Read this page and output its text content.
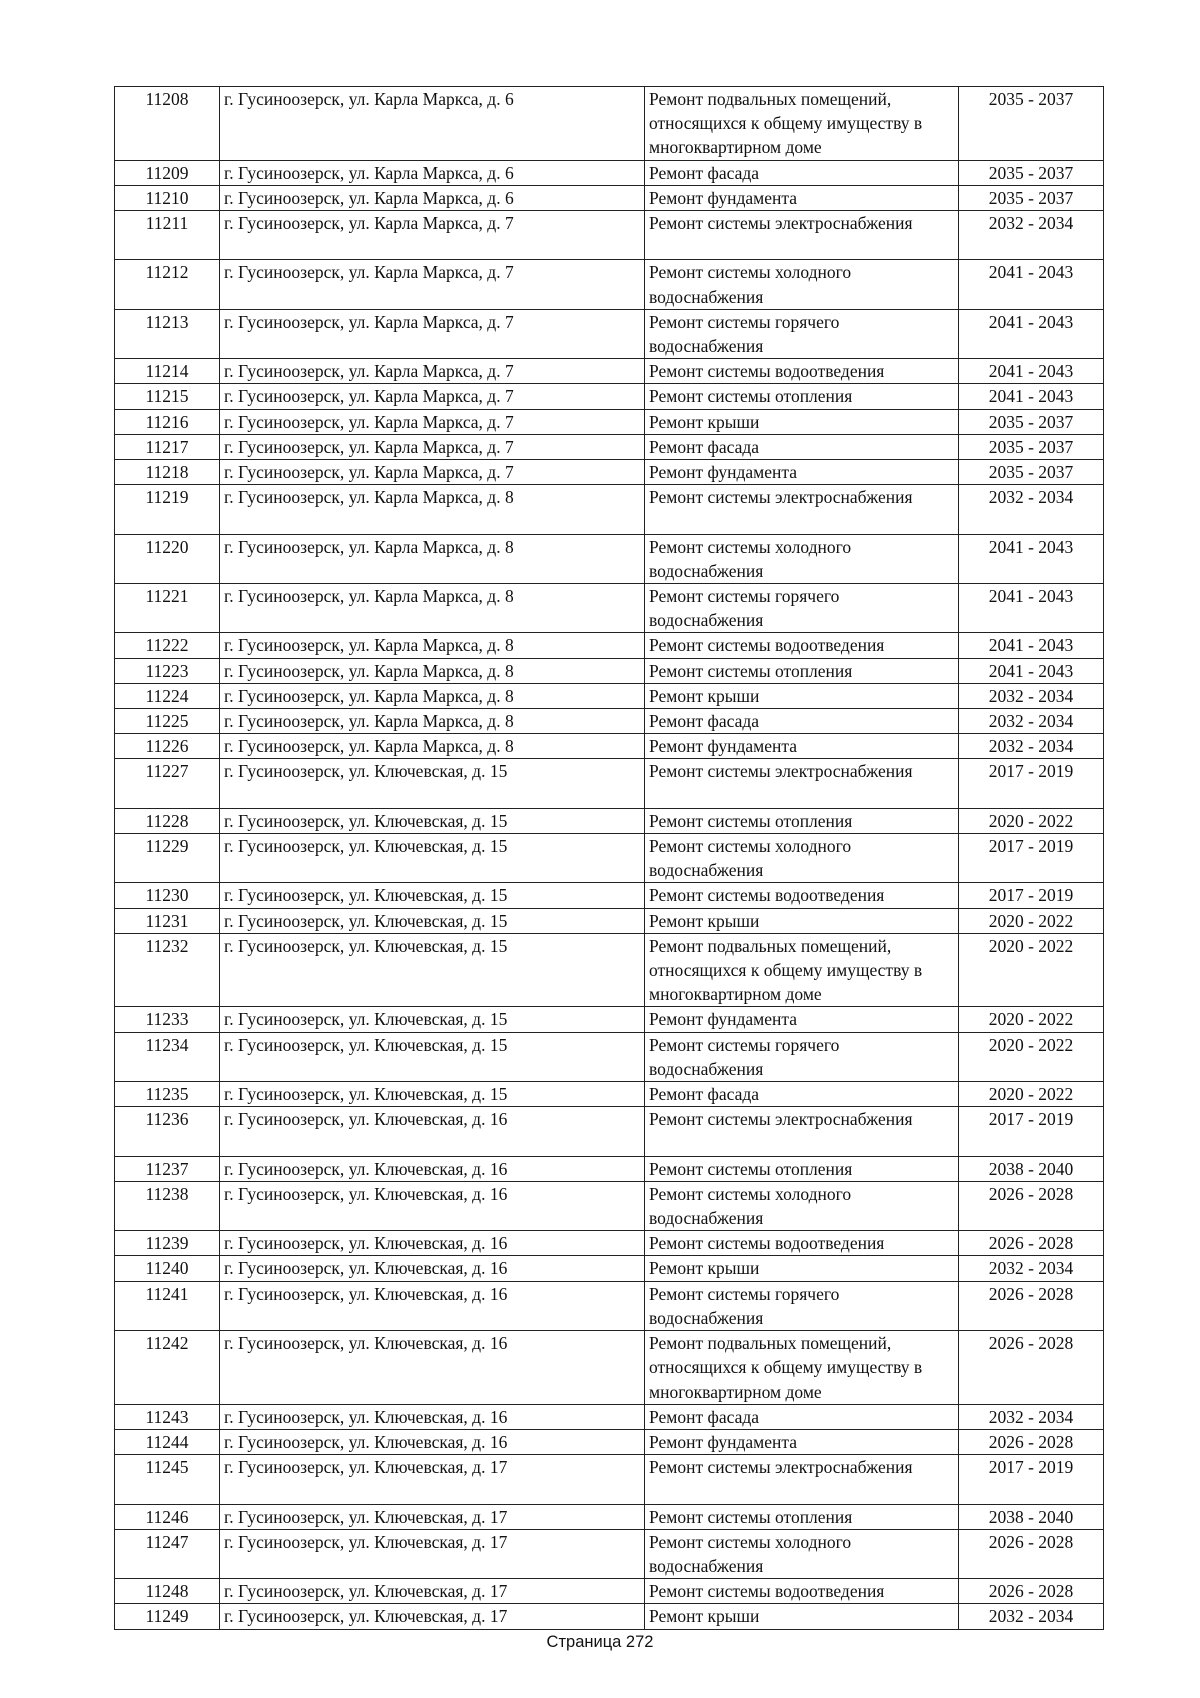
11208	г. Гусиноозерск, ул. Карла Маркса, д. 6	Ремонт подвальных помещений, относящихся к общему имуществу в многоквартирном доме	2035 - 2037
11209	г. Гусиноозерск, ул. Карла Маркса, д. 6	Ремонт фасада	2035 - 2037
11210	г. Гусиноозерск, ул. Карла Маркса, д. 6	Ремонт фундамента	2035 - 2037
11211	г. Гусиноозерск, ул. Карла Маркса, д. 7	Ремонт системы электроснабжения	2032 - 2034
11212	г. Гусиноозерск, ул. Карла Маркса, д. 7	Ремонт системы холодного водоснабжения	2041 - 2043
11213	г. Гусиноозерск, ул. Карла Маркса, д. 7	Ремонт системы горячего водоснабжения	2041 - 2043
11214	г. Гусиноозерск, ул. Карла Маркса, д. 7	Ремонт системы водоотведения	2041 - 2043
11215	г. Гусиноозерск, ул. Карла Маркса, д. 7	Ремонт системы отопления	2041 - 2043
11216	г. Гусиноозерск, ул. Карла Маркса, д. 7	Ремонт крыши	2035 - 2037
11217	г. Гусиноозерск, ул. Карла Маркса, д. 7	Ремонт фасада	2035 - 2037
11218	г. Гусиноозерск, ул. Карла Маркса, д. 7	Ремонт фундамента	2035 - 2037
11219	г. Гусиноозерск, ул. Карла Маркса, д. 8	Ремонт системы электроснабжения	2032 - 2034
11220	г. Гусиноозерск, ул. Карла Маркса, д. 8	Ремонт системы холодного водоснабжения	2041 - 2043
11221	г. Гусиноозерск, ул. Карла Маркса, д. 8	Ремонт системы горячего водоснабжения	2041 - 2043
11222	г. Гусиноозерск, ул. Карла Маркса, д. 8	Ремонт системы водоотведения	2041 - 2043
11223	г. Гусиноозерск, ул. Карла Маркса, д. 8	Ремонт системы отопления	2041 - 2043
11224	г. Гусиноозерск, ул. Карла Маркса, д. 8	Ремонт крыши	2032 - 2034
11225	г. Гусиноозерск, ул. Карла Маркса, д. 8	Ремонт фасада	2032 - 2034
11226	г. Гусиноозерск, ул. Карла Маркса, д. 8	Ремонт фундамента	2032 - 2034
11227	г. Гусиноозерск, ул. Ключевская, д. 15	Ремонт системы электроснабжения	2017 - 2019
11228	г. Гусиноозерск, ул. Ключевская, д. 15	Ремонт системы отопления	2020 - 2022
11229	г. Гусиноозерск, ул. Ключевская, д. 15	Ремонт системы холодного водоснабжения	2017 - 2019
11230	г. Гусиноозерск, ул. Ключевская, д. 15	Ремонт системы водоотведения	2017 - 2019
11231	г. Гусиноозерск, ул. Ключевская, д. 15	Ремонт крыши	2020 - 2022
11232	г. Гусиноозерск, ул. Ключевская, д. 15	Ремонт подвальных помещений, относящихся к общему имуществу в многоквартирном доме	2020 - 2022
11233	г. Гусиноозерск, ул. Ключевская, д. 15	Ремонт фундамента	2020 - 2022
11234	г. Гусиноозерск, ул. Ключевская, д. 15	Ремонт системы горячего водоснабжения	2020 - 2022
11235	г. Гусиноозерск, ул. Ключевская, д. 15	Ремонт фасада	2020 - 2022
11236	г. Гусиноозерск, ул. Ключевская, д. 16	Ремонт системы электроснабжения	2017 - 2019
11237	г. Гусиноозерск, ул. Ключевская, д. 16	Ремонт системы отопления	2038 - 2040
11238	г. Гусиноозерск, ул. Ключевская, д. 16	Ремонт системы холодного водоснабжения	2026 - 2028
11239	г. Гусиноозерск, ул. Ключевская, д. 16	Ремонт системы водоотведения	2026 - 2028
11240	г. Гусиноозерск, ул. Ключевская, д. 16	Ремонт крыши	2032 - 2034
11241	г. Гусиноозерск, ул. Ключевская, д. 16	Ремонт системы горячего водоснабжения	2026 - 2028
11242	г. Гусиноозерск, ул. Ключевская, д. 16	Ремонт подвальных помещений, относящихся к общему имуществу в многоквартирном доме	2026 - 2028
11243	г. Гусиноозерск, ул. Ключевская, д. 16	Ремонт фасада	2032 - 2034
11244	г. Гусиноозерск, ул. Ключевская, д. 16	Ремонт фундамента	2026 - 2028
11245	г. Гусиноозерск, ул. Ключевская, д. 17	Ремонт системы электроснабжения	2017 - 2019
11246	г. Гусиноозерск, ул. Ключевская, д. 17	Ремонт системы отопления	2038 - 2040
11247	г. Гусиноозерск, ул. Ключевская, д. 17	Ремонт системы холодного водоснабжения	2026 - 2028
11248	г. Гусиноозерск, ул. Ключевская, д. 17	Ремонт системы водоотведения	2026 - 2028
11249	г. Гусиноозерск, ул. Ключевская, д. 17	Ремонт крыши	2032 - 2034
Страница 272
